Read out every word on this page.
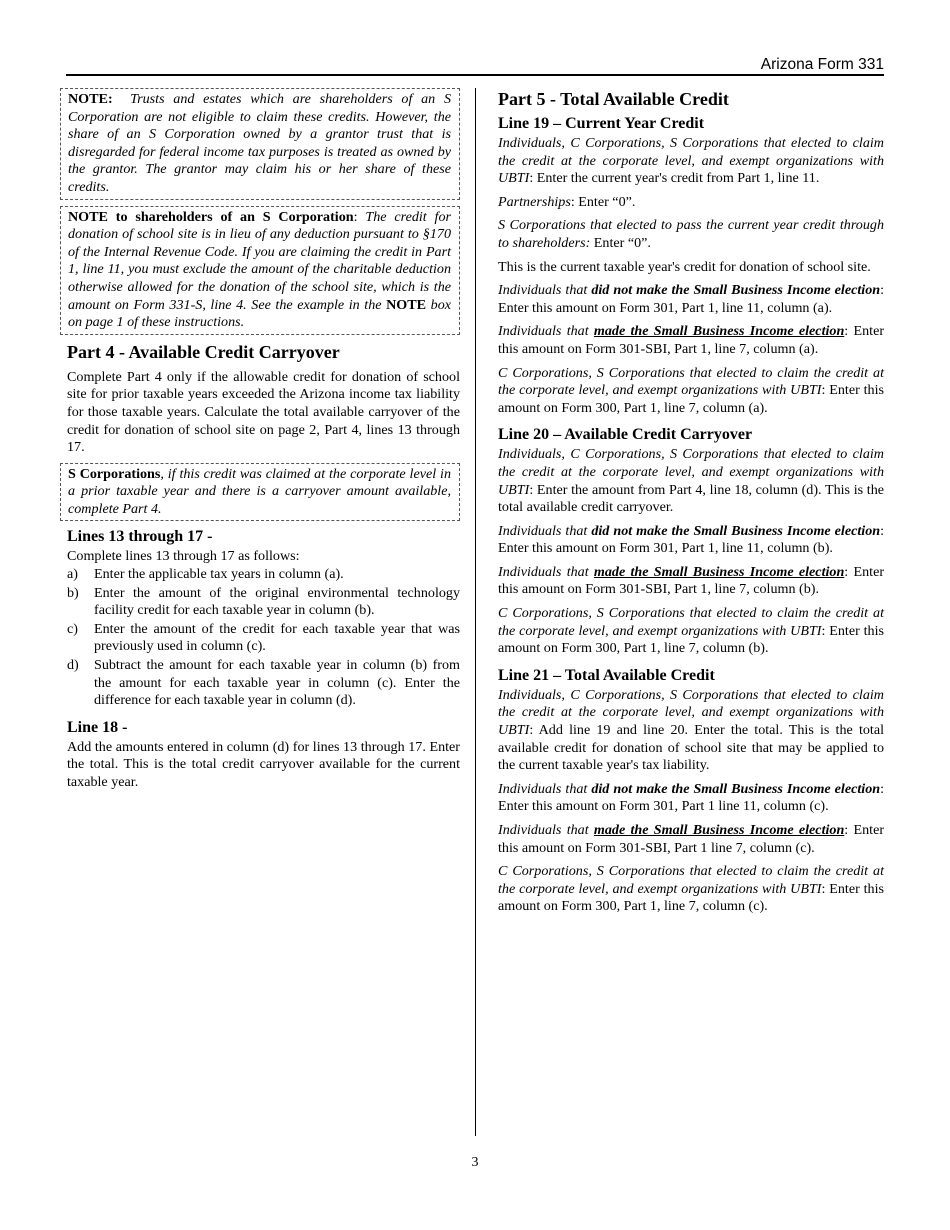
Arizona Form 331
NOTE: Trusts and estates which are shareholders of an S Corporation are not eligible to claim these credits. However, the share of an S Corporation owned by a grantor trust that is disregarded for federal income tax purposes is treated as owned by the grantor. The grantor may claim his or her share of these credits.
NOTE to shareholders of an S Corporation: The credit for donation of school site is in lieu of any deduction pursuant to §170 of the Internal Revenue Code. If you are claiming the credit in Part 1, line 11, you must exclude the amount of the charitable deduction otherwise allowed for the donation of the school site, which is the amount on Form 331-S, line 4. See the example in the NOTE box on page 1 of these instructions.
Part 4 - Available Credit Carryover

Complete Part 4 only if the allowable credit for donation of school site for prior taxable years exceeded the Arizona income tax liability for those taxable years. Calculate the total available carryover of the credit for donation of school site on page 2, Part 4, lines 13 through 17.

S Corporations, if this credit was claimed at the corporate level in a prior taxable year and there is a carryover amount available, complete Part 4.
Lines 13 through 17 -

Complete lines 13 through 17 as follows:

a)	Enter the applicable tax years in column (a).
b)	Enter the amount of the original environmental technology facility credit for each taxable year in column (b).
c)	Enter the amount of the credit for each taxable year that was previously used in column (c).
d)	Subtract the amount for each taxable year in column (b) from the amount for each taxable year in column (c). Enter the difference for each taxable year in column (d).
Line 18 -

Add the amounts entered in column (d) for lines 13 through 17. Enter the total. This is the total credit carryover available for the current taxable year.

Part 5 - Total Available Credit
Line 19 – Current Year Credit

Individuals, C Corporations, S Corporations that elected to claim the credit at the corporate level, and exempt organizations with UBTI: Enter the current year's credit from Part 1, line 11.

Partnerships: Enter “0”.

S Corporations that elected to pass the current year credit through to shareholders: Enter “0”.

This is the current taxable year's credit for donation of school site.

Individuals that did not make the Small Business Income election: Enter this amount on Form 301, Part 1, line 11, column (a).

Individuals that made the Small Business Income election: Enter this amount on Form 301-SBI, Part 1, line 7, column (a).

C Corporations, S Corporations that elected to claim the credit at the corporate level, and exempt organizations with UBTI: Enter this amount on Form 300, Part 1, line 7, column (a).

Line 20 – Available Credit Carryover

Individuals, C Corporations, S Corporations that elected to claim the credit at the corporate level, and exempt organizations with UBTI: Enter the amount from Part 4, line 18, column (d). This is the total available credit carryover.

Individuals that did not make the Small Business Income election: Enter this amount on Form 301, Part 1, line 11, column (b).

Individuals that made the Small Business Income election: Enter this amount on Form 301-SBI, Part 1, line 7, column (b).

C Corporations, S Corporations that elected to claim the credit at the corporate level, and exempt organizations with UBTI: Enter this amount on Form 300, Part 1, line 7, column (b).

Line 21 – Total Available Credit

Individuals, C Corporations, S Corporations that elected to claim the credit at the corporate level, and exempt organizations with UBTI: Add line 19 and line 20. Enter the total. This is the total available credit for donation of school site that may be applied to the current taxable year's tax liability.

Individuals that did not make the Small Business Income election: Enter this amount on Form 301, Part 1 line 11, column (c).

Individuals that made the Small Business Income election: Enter this amount on Form 301-SBI, Part 1 line 7, column (c).

C Corporations, S Corporations that elected to claim the credit at the corporate level, and exempt organizations with UBTI: Enter this amount on Form 300, Part 1, line 7, column (c).

3
